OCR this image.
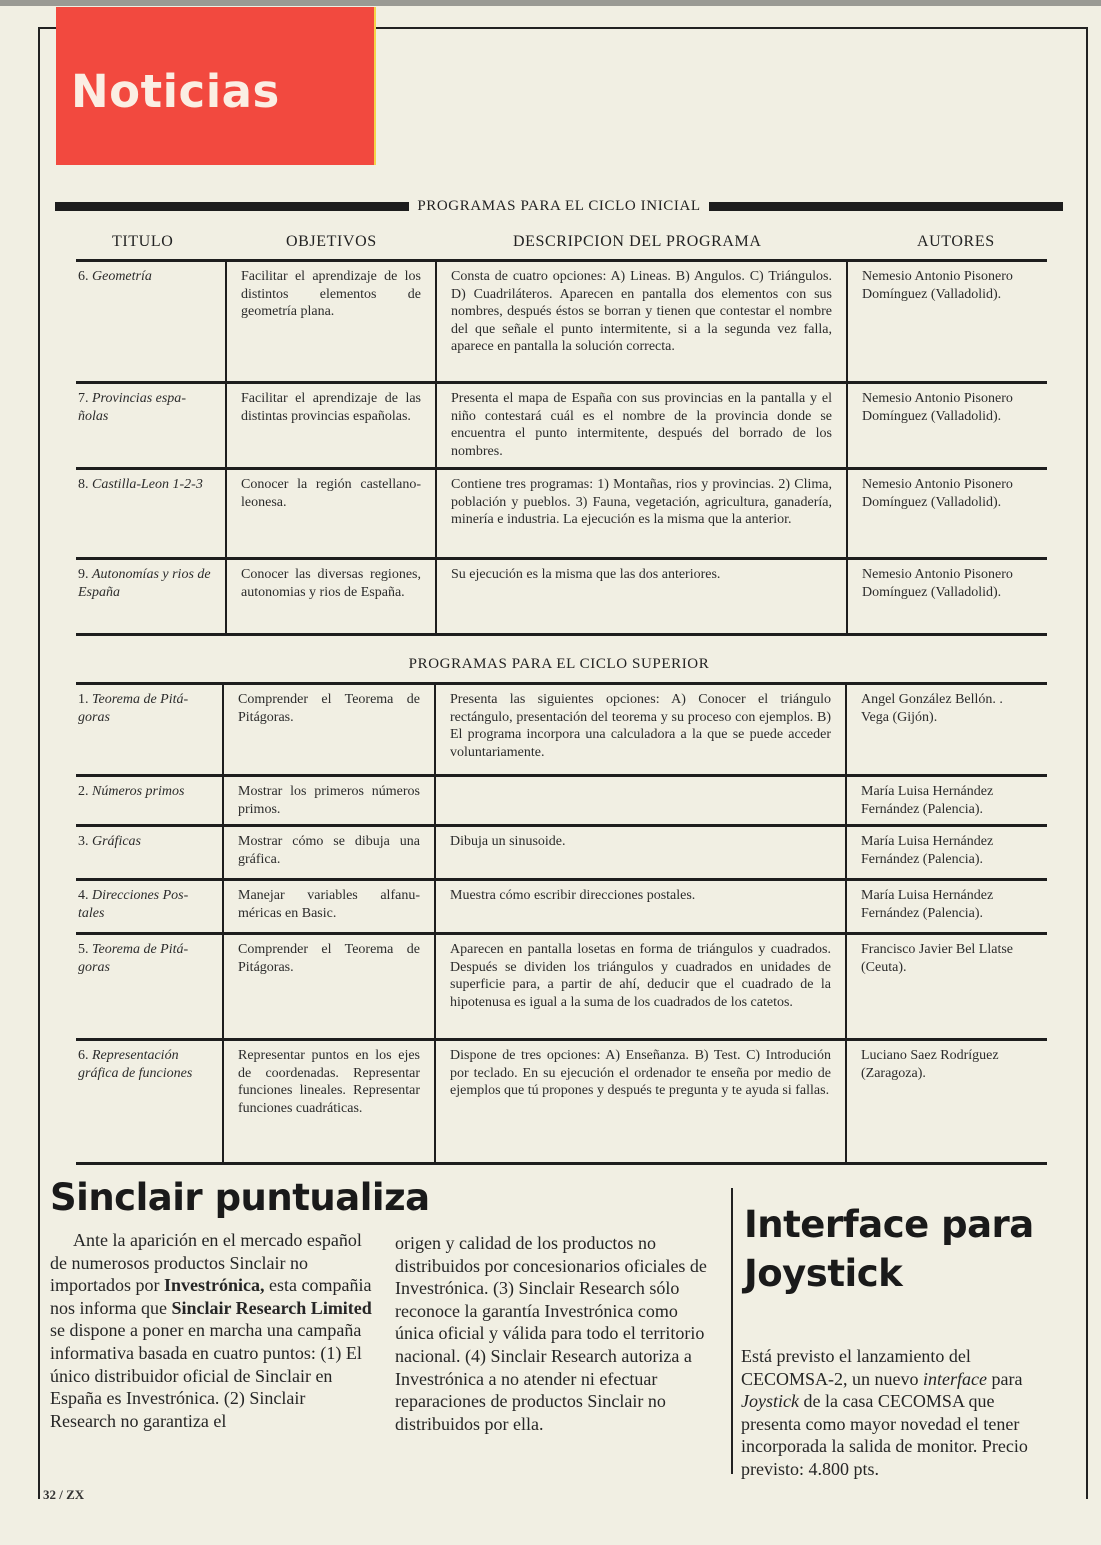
Noticias
PROGRAMAS PARA EL CICLO INICIAL
TITULO	OBJETIVOS	DESCRIPCION DEL PROGRAMA	AUTORES
6. Geometría	Facilitar el aprendizaje de los distintos elementos de geometría plana.	Consta de cuatro opciones: A) Lineas. B) Angulos. C) Triángulos. D) Cuadriláteros. Aparecen en pantalla dos elementos con sus nombres, después éstos se borran y tienen que contestar el nombre del que señale el punto intermitente, si a la segunda vez falla, aparece en pantalla la solución correcta.	Nemesio Antonio Pisonero Domínguez (Valladolid).
7. Provincias españolas	Facilitar el aprendizaje de las distintas provincias españolas.	Presenta el mapa de España con sus provincias en la pantalla y el niño contestará cuál es el nombre de la provincia donde se encuentra el punto intermitente, después del borrado de los nombres.	Nemesio Antonio Pisonero Domínguez (Valladolid).
8. Castilla-Leon 1-2-3	Conocer la región castellano-leonesa.	Contiene tres programas: 1) Montañas, rios y provincias. 2) Clima, población y pueblos. 3) Fauna, vegetación, agricultura, ganadería, minería e industria. La ejecución es la misma que la anterior.	Nemesio Antonio Pisonero Domínguez (Valladolid).
9. Autonomías y rios de España	Conocer las diversas regiones, autonomias y rios de España.	Su ejecución es la misma que las dos anteriores.	Nemesio Antonio Pisonero Domínguez (Valladolid).
PROGRAMAS PARA EL CICLO SUPERIOR
1. Teorema de Pitágoras	Comprender el Teorema de Pitágoras.	Presenta las siguientes opciones: A) Conocer el triángulo rectángulo, presentación del teorema y su proceso con ejemplos. B) El programa incorpora una calculadora a la que se puede acceder voluntariamente.	Angel González Bellón. . Vega (Gijón).
2. Números primos	Mostrar los primeros números primos.		María Luisa Hernández Fernández (Palencia).
3. Gráficas	Mostrar cómo se dibuja una gráfica.	Dibuja un sinusoide.	María Luisa Hernández Fernández (Palencia).
4. Direcciones Postales	Manejar variables alfanuméricas en Basic.	Muestra cómo escribir direcciones postales.	María Luisa Hernández Fernández (Palencia).
5. Teorema de Pitágoras	Comprender el Teorema de Pitágoras.	Aparecen en pantalla losetas en forma de triángulos y cuadrados. Después se dividen los triángulos y cuadrados en unidades de superficie para, a partir de ahí, deducir que el cuadrado de la hipotenusa es igual a la suma de los cuadrados de los catetos.	Francisco Javier Bel Llatse (Ceuta).
6. Representación gráfica de funciones	Representar puntos en los ejes de coordenadas. Representar funciones lineales. Representar funciones cuadráticas.	Dispone de tres opciones: A) Enseñanza. B) Test. C) Introdución por teclado. En su ejecución el ordenador te enseña por medio de ejemplos que tú propones y después te pregunta y te ayuda si fallas.	Luciano Saez Rodríguez (Zaragoza).
Sinclair puntualiza
Ante la aparición en el mercado español de numerosos productos Sinclair no importados por Investrónica, esta compañia nos informa que Sinclair Research Limited se dispone a poner en marcha una campaña informativa basada en cuatro puntos: (1) El único distribuidor oficial de Sinclair en España es Investrónica. (2) Sinclair Research no garantiza el
origen y calidad de los productos no distribuidos por concesionarios oficiales de Investrónica. (3) Sinclair Research sólo reconoce la garantía Investrónica como única oficial y válida para todo el territorio nacional. (4) Sinclair Research autoriza a Investrónica a no atender ni efectuar reparaciones de productos Sinclair no distribuidos por ella.
Interface para
Joystick
Está previsto el lanzamiento del CECOMSA-2, un nuevo interface para Joystick de la casa CECOMSA que presenta como mayor novedad el tener incorporada la salida de monitor. Precio previsto: 4.800 pts.
32 / ZX
